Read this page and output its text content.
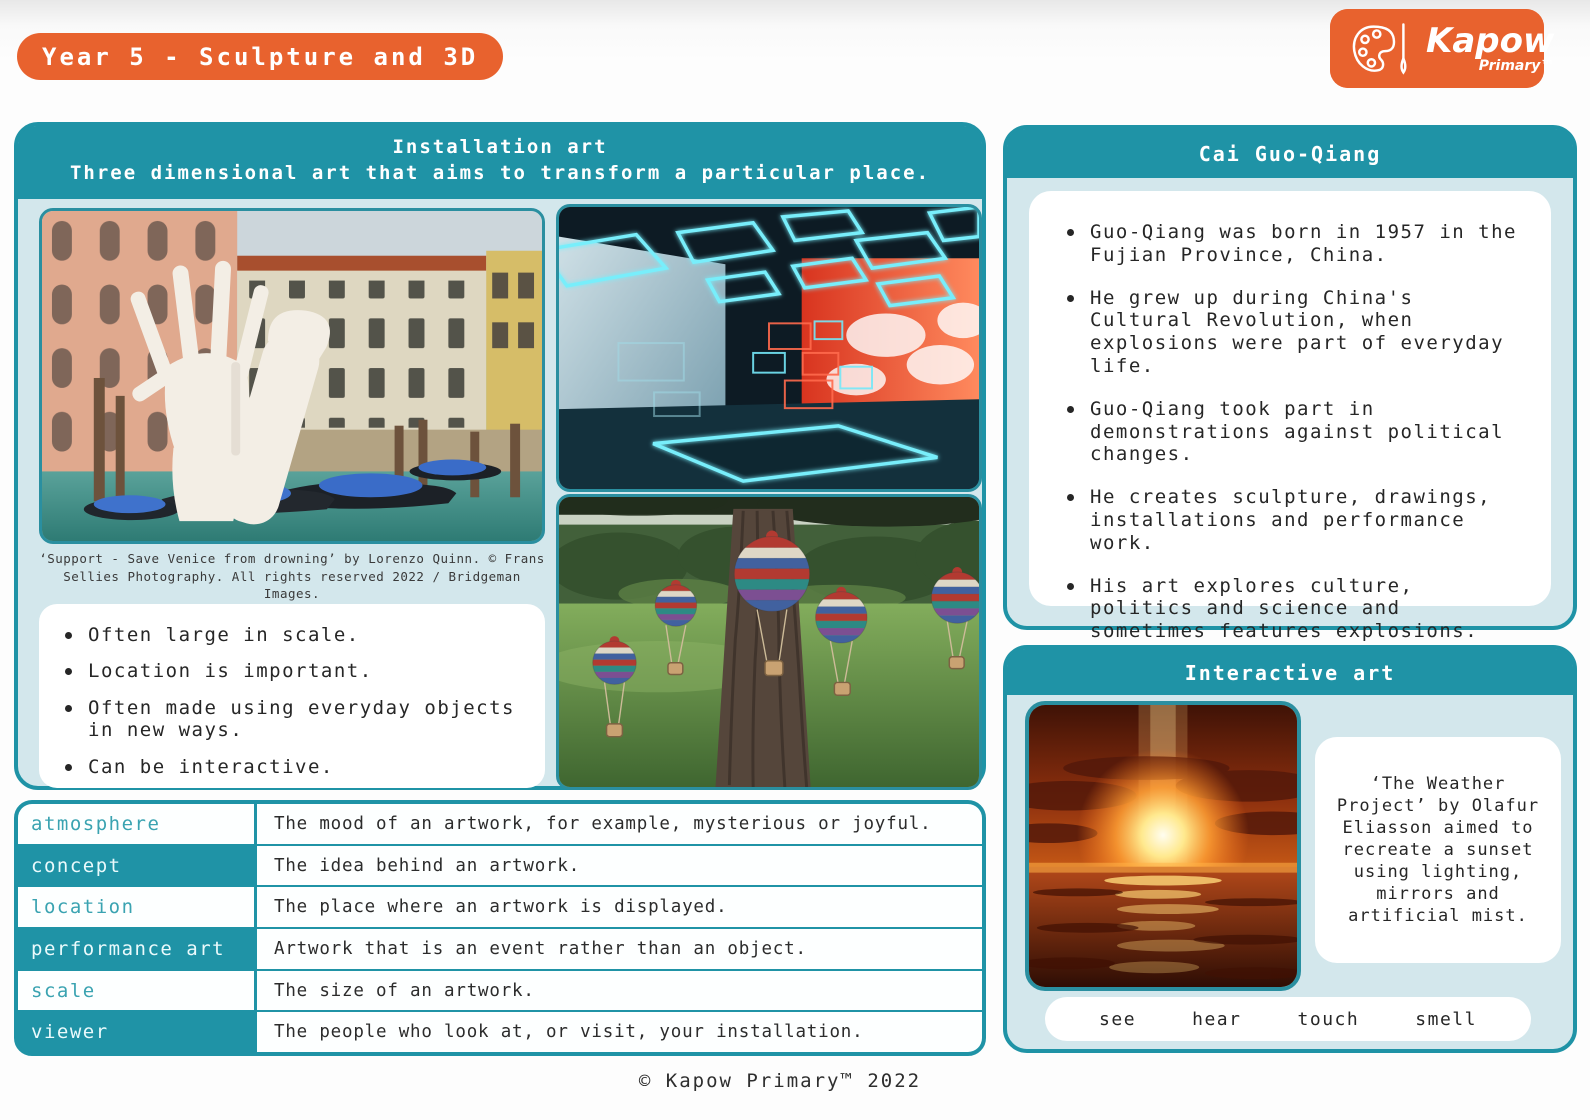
Year 5 - Sculpture and 3D	Kapow
Primary™
Installation art
Three dimensional art that aims to transform a particular place.
‘Support - Save Venice from drowning’ by Lorenzo Quinn. © Frans Sellies Photography. All rights reserved 2022 / Bridgeman Images.
Often large in scale.
Location is important.
Often made using everyday objects in new ways.
Can be interactive.
Cai Guo-Qiang
Guo-Qiang was born in 1957 in the Fujian Province, China.
He grew up during China's Cultural Revolution, when explosions were part of everyday life.
Guo-Qiang took part in demonstrations against political changes.
He creates sculpture, drawings, installations and performance work.
His art explores culture, politics and science and sometimes features explosions.
Interactive art
‘The Weather Project’ by Olafur Eliasson aimed to recreate a sunset using lighting, mirrors and artificial mist.
see	hear	touch	smell
atmosphere	The mood of an artwork, for example, mysterious or joyful.
concept	The idea behind an artwork.
location	The place where an artwork is displayed.
performance art	Artwork that is an event rather than an object.
scale	The size of an artwork.
viewer	The people who look at, or visit, your installation.
© Kapow Primary™ 2022
